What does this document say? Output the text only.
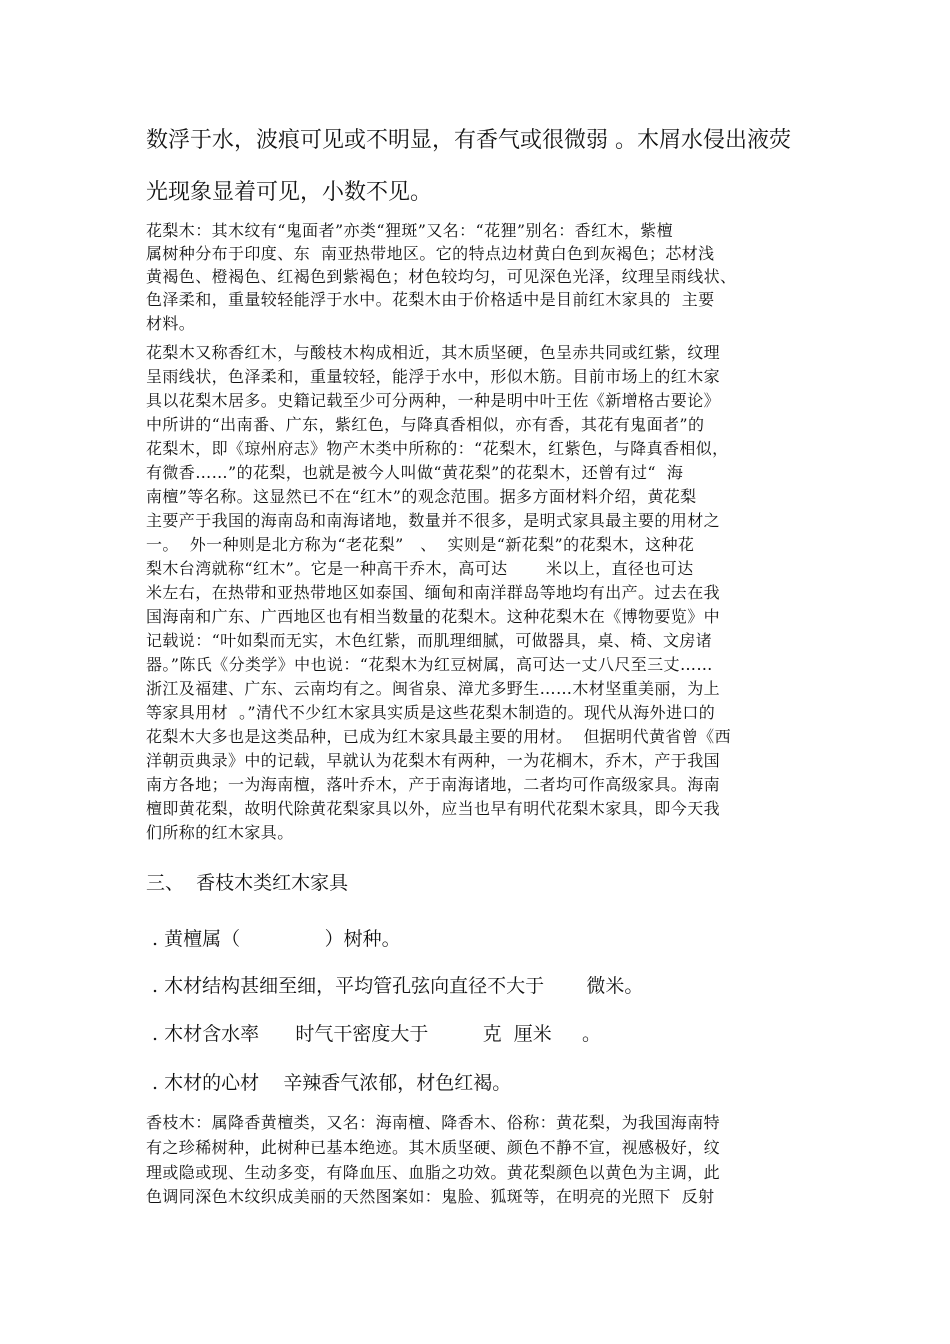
数浮于水，波痕可见或不明显，有香气或很微弱 。木屑水侵出液荧
光现象显着可见，小数不见。
花梨木：其木纹有“鬼面者”亦类“狸斑”又名：“花狸”别名：香红木，紫檀
属树种分布于印度、东  南亚热带地区。它的特点边材黄白色到灰褐色；芯材浅
黄褐色、橙褐色、红褐色到紫褐色；材色较均匀，可见深色光泽，纹理呈雨线状、
色泽柔和，重量较轻能浮于水中。花梨木由于价格适中是目前红木家具的  主要
材料。
花梨木又称香红木，与酸枝木构成相近，其木质坚硬，色呈赤共同或红紫，纹理
呈雨线状，色泽柔和，重量较轻，能浮于水中，形似木筋。目前市场上的红木家
具以花梨木居多。史籍记载至少可分两种，一种是明中叶王佐《新增格古要论》
中所讲的“出南番、广东，紫红色，与降真香相似，亦有香，其花有鬼面者”的
花梨木，即《琼州府志》物产木类中所称的：“花梨木，红紫色，与降真香相似，
有微香……”的花梨，也就是被今人叫做“黄花梨”的花梨木，还曾有过“  海
南檀”等名称。这显然已不在“红木”的观念范围。据多方面材料介绍，黄花梨
主要产于我国的海南岛和南海诸地，数量并不很多，是明式家具最主要的用材之
一。  外一种则是北方称为“老花梨”   、  实则是“新花梨”的花梨木，这种花
梨木台湾就称“红木”。它是一种高干乔木，高可达       米以上，直径也可达
米左右，在热带和亚热带地区如泰国、缅甸和南洋群岛等地均有出产。过去在我
国海南和广东、广西地区也有相当数量的花梨木。这种花梨木在《博物要览》中
记载说：“叶如梨而无实，木色红紫，而肌理细腻，可做器具，桌、椅、文房诸
器。”陈氏《分类学》中也说：“花梨木为红豆树属，高可达一丈八尺至三丈……
浙江及福建、广东、云南均有之。闽省泉、漳尤多野生……木材坚重美丽，为上
等家具用材  。”清代不少红木家具实质是这些花梨木制造的。现代从海外进口的
花梨木大多也是这类品种，已成为红木家具最主要的用材。  但据明代黄省曾《西
洋朝贡典录》中的记载，早就认为花梨木有两种，一为花榈木，乔木，产于我国
南方各地；一为海南檀，落叶乔木，产于南海诸地，二者均可作高级家具。海南
檀即黄花梨，故明代除黄花梨家具以外，应当也早有明代花梨木家具，即今天我
们所称的红木家具。
三、  香枝木类红木家具
. 黄檀属（              ）树种。
. 木材结构甚细至细，平均管孔弦向直径不大于       微米。
. 木材含水率      时气干密度大于         克  厘米     。
. 木材的心材    辛辣香气浓郁，材色红褐。
香枝木：属降香黄檀类，又名：海南檀、降香木、俗称：黄花梨，为我国海南特
有之珍稀树种，此树种已基本绝迹。其木质坚硬、颜色不静不宣，视感极好，纹
理或隐或现、生动多变，有降血压、血脂之功效。黄花梨颜色以黄色为主调，此
色调同深色木纹织成美丽的天然图案如：鬼脸、狐斑等，在明亮的光照下  反射
